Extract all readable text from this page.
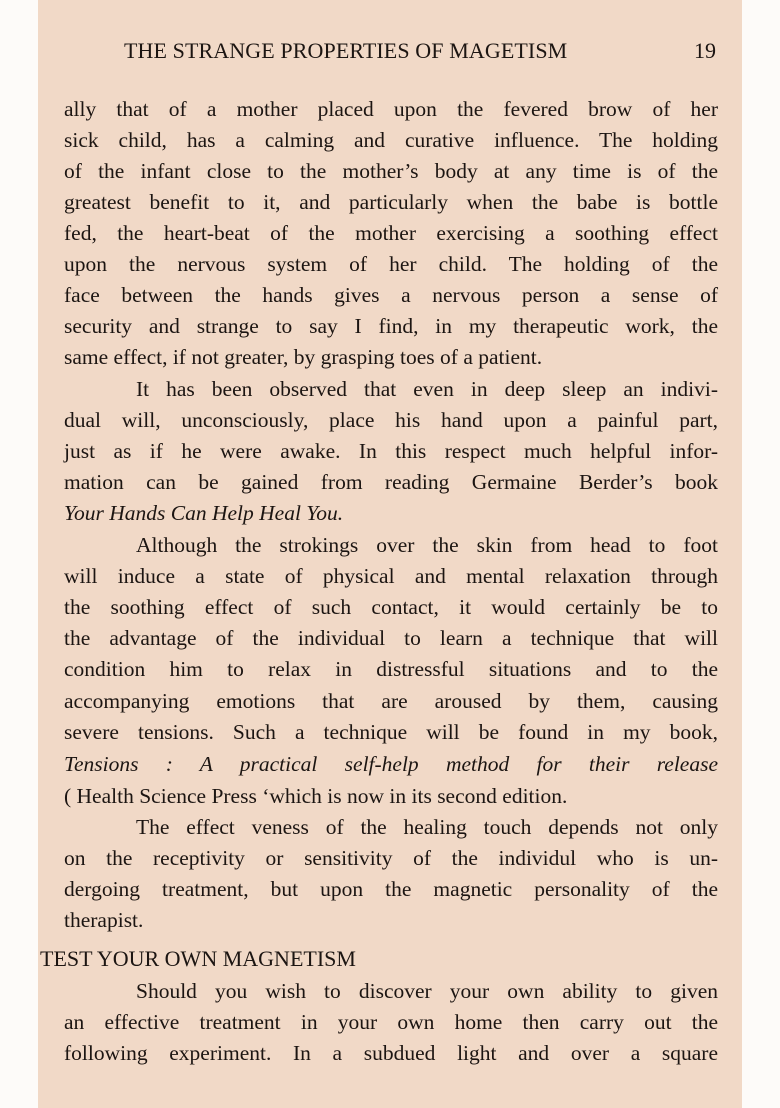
THE STRANGE PROPERTIES OF MAGETISM	19
ally that of a mother placed upon the fevered brow of her
sick child, has a calming and curative influence. The holding
of the infant close to the mother’s body at any time is of the
greatest benefit to it, and particularly when the babe is bottle
fed, the heart-beat of the mother exercising a soothing effect
upon the nervous system of her child. The holding of the
face between the hands gives a nervous person a sense of
security and strange to say I find, in my therapeutic work, the
same effect, if not greater, by grasping toes of a patient.
It has been observed that even in deep sleep an indivi-
dual will, unconsciously, place his hand upon a painful part,
just as if he were awake. In this respect much helpful infor-
mation can be gained from reading Germaine Berder’s book
Your Hands Can Help Heal You.
Although the strokings over the skin from head to foot
will induce a state of physical and mental relaxation through
the soothing effect of such contact, it would certainly be to
the advantage of the individual to learn a technique that will
condition him to relax in distressful situations and to the
accompanying emotions that are aroused by them, causing
severe tensions. Such a technique will be found in my book,
Tensions : A practical self-help method for their release
( Health Science Press ‘which is now in its second edition.
The effect veness of the healing touch depends not only
on the receptivity or sensitivity of the individul who is un-
dergoing treatment, but upon the magnetic personality of the
therapist.
TEST YOUR OWN MAGNETISM
Should you wish to discover your own ability to given
an effective treatment in your own home then carry out the
following experiment. In a subdued light and over a square
